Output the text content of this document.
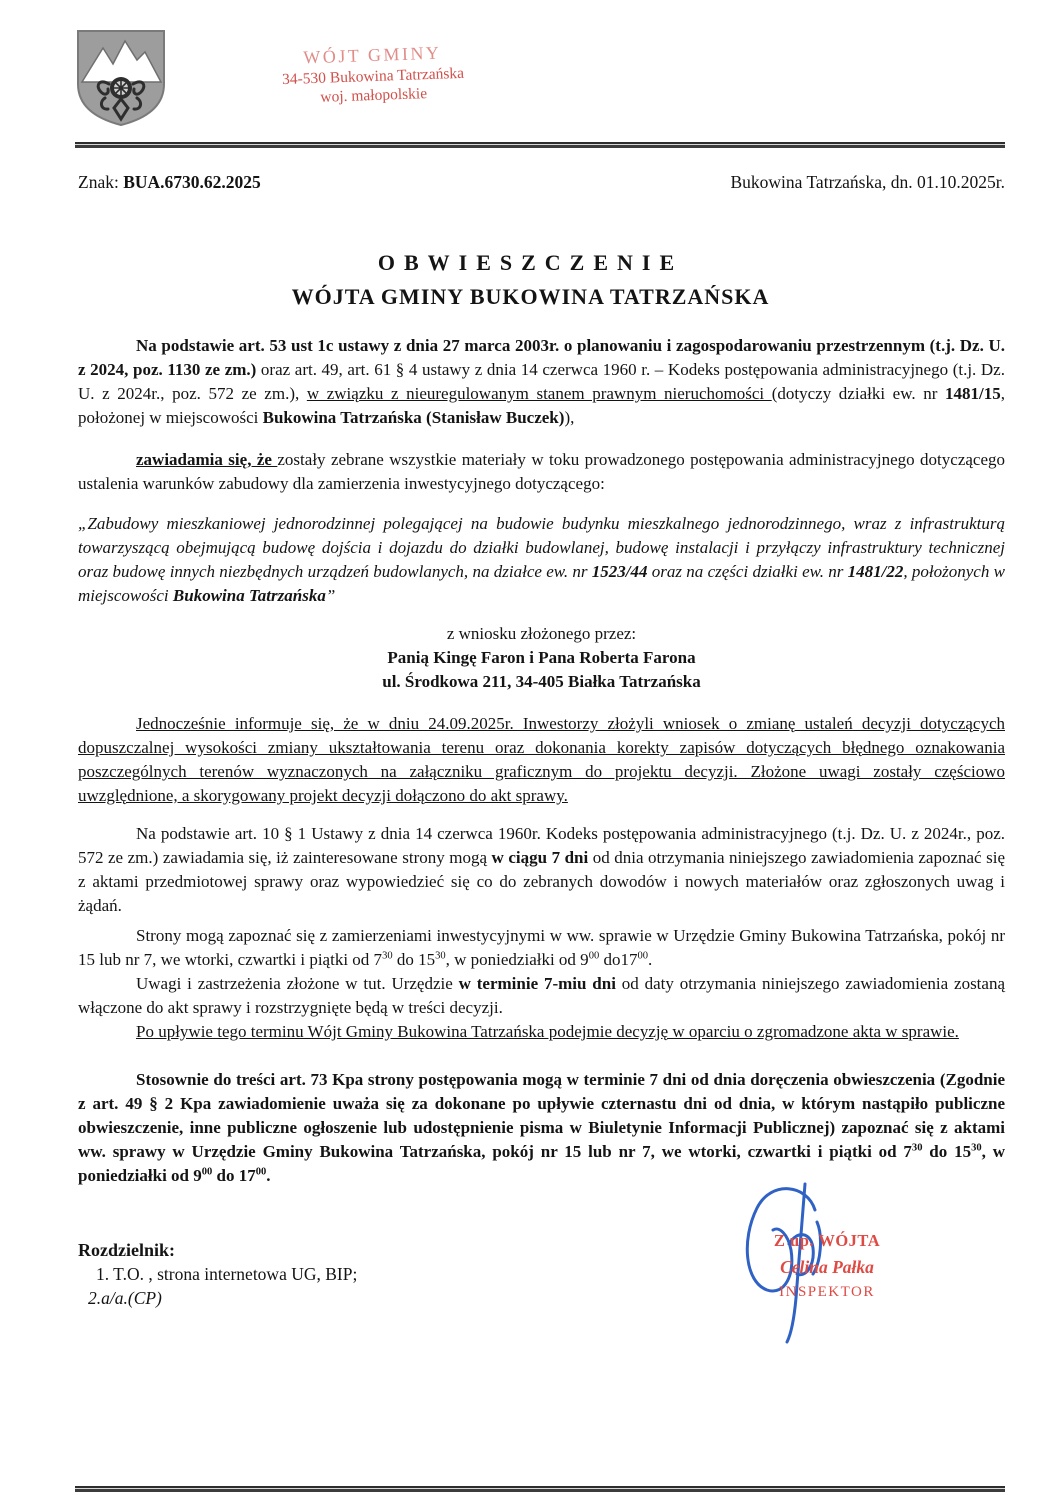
WÓJT GMINY
34-530 Bukowina Tatrzańska
woj. małopolskie
Znak: BUA.6730.62.2025	Bukowina Tatrzańska, dn. 01.10.2025r.
OBWIESZCZENIE
WÓJTA GMINY BUKOWINA TATRZAŃSKA

Na podstawie art. 53 ust 1c ustawy z dnia 27 marca 2003r. o planowaniu i zagospodarowaniu przestrzennym (t.j. Dz. U. z 2024, poz. 1130 ze zm.) oraz art. 49, art. 61 § 4 ustawy z dnia 14 czerwca 1960 r. – Kodeks postępowania administracyjnego (t.j. Dz. U. z 2024r., poz. 572 ze zm.), w związku z nieuregulowanym stanem prawnym nieruchomości (dotyczy działki ew. nr 1481/15, położonej w miejscowości Bukowina Tatrzańska (Stanisław Buczek)),

zawiadamia się, że zostały zebrane wszystkie materiały w toku prowadzonego postępowania administracyjnego dotyczącego ustalenia warunków zabudowy dla zamierzenia inwestycyjnego dotyczącego:

„Zabudowy mieszkaniowej jednorodzinnej polegającej na budowie budynku mieszkalnego jednorodzinnego, wraz z infrastrukturą towarzyszącą obejmującą budowę dojścia i dojazdu do działki budowlanej, budowę instalacji i przyłączy infrastruktury technicznej oraz budowę innych niezbędnych urządzeń budowlanych, na działce ew. nr 1523/44 oraz na części działki ew. nr 1481/22, położonych w miejscowości Bukowina Tatrzańska”

z wniosku złożonego przez:

Panią Kingę Faron i Pana Roberta Farona

ul. Środkowa 211, 34-405 Białka Tatrzańska

Jednocześnie informuje się, że w dniu 24.09.2025r. Inwestorzy złożyli wniosek o zmianę ustaleń decyzji dotyczących dopuszczalnej wysokości zmiany ukształtowania terenu oraz dokonania korekty zapisów dotyczących błędnego oznakowania poszczególnych terenów wyznaczonych na załączniku graficznym do projektu decyzji. Złożone uwagi zostały częściowo uwzględnione, a skorygowany projekt decyzji dołączono do akt sprawy.

Na podstawie art. 10 § 1 Ustawy z dnia 14 czerwca 1960r. Kodeks postępowania administracyjnego (t.j. Dz. U. z 2024r., poz. 572 ze zm.) zawiadamia się, iż zainteresowane strony mogą w ciągu 7 dni od dnia otrzymania niniejszego zawiadomienia zapoznać się z aktami przedmiotowej sprawy oraz wypowiedzieć się co do zebranych dowodów i nowych materiałów oraz zgłoszonych uwag i żądań.

Strony mogą zapoznać się z zamierzeniami inwestycyjnymi w ww. sprawie w Urzędzie Gminy Bukowina Tatrzańska, pokój nr 15 lub nr 7, we wtorki, czwartki i piątki od $7^{30}$ do $15^{30}$, w poniedziałki od $9^{00}$ $do17^{00}$.

Uwagi i zastrzeżenia złożone w tut. Urzędzie w terminie 7-miu dni od daty otrzymania niniejszego zawiadomienia zostaną włączone do akt sprawy i rozstrzygnięte będą w treści decyzji.

Po upływie tego terminu Wójt Gminy Bukowina Tatrzańska podejmie decyzję w oparciu o zgromadzone akta w sprawie.

Stosownie do treści art. 73 Kpa strony postępowania mogą w terminie 7 dni od dnia doręczenia obwieszczenia (Zgodnie z art. 49 § 2 Kpa zawiadomienie uważa się za dokonane po upływie czternastu dni od dnia, w którym nastąpiło publiczne obwieszczenie, inne publiczne ogłoszenie lub udostępnienie pisma w Biuletynie Informacji Publicznej) zapoznać się z aktami ww. sprawy w Urzędzie Gminy Bukowina Tatrzańska, pokój nr 15 lub nr 7, we wtorki, czwartki i piątki od $7^{30}$ do $15^{30}$, w poniedziałki od $9^{00}$ do $17^{00}$.

Z up. WÓJTA
Celina Pałka
INSPEKTOR
Rozdzielnik:
1. T.O. , strona internetowa UG, BIP;
2.a/a.(CP)
